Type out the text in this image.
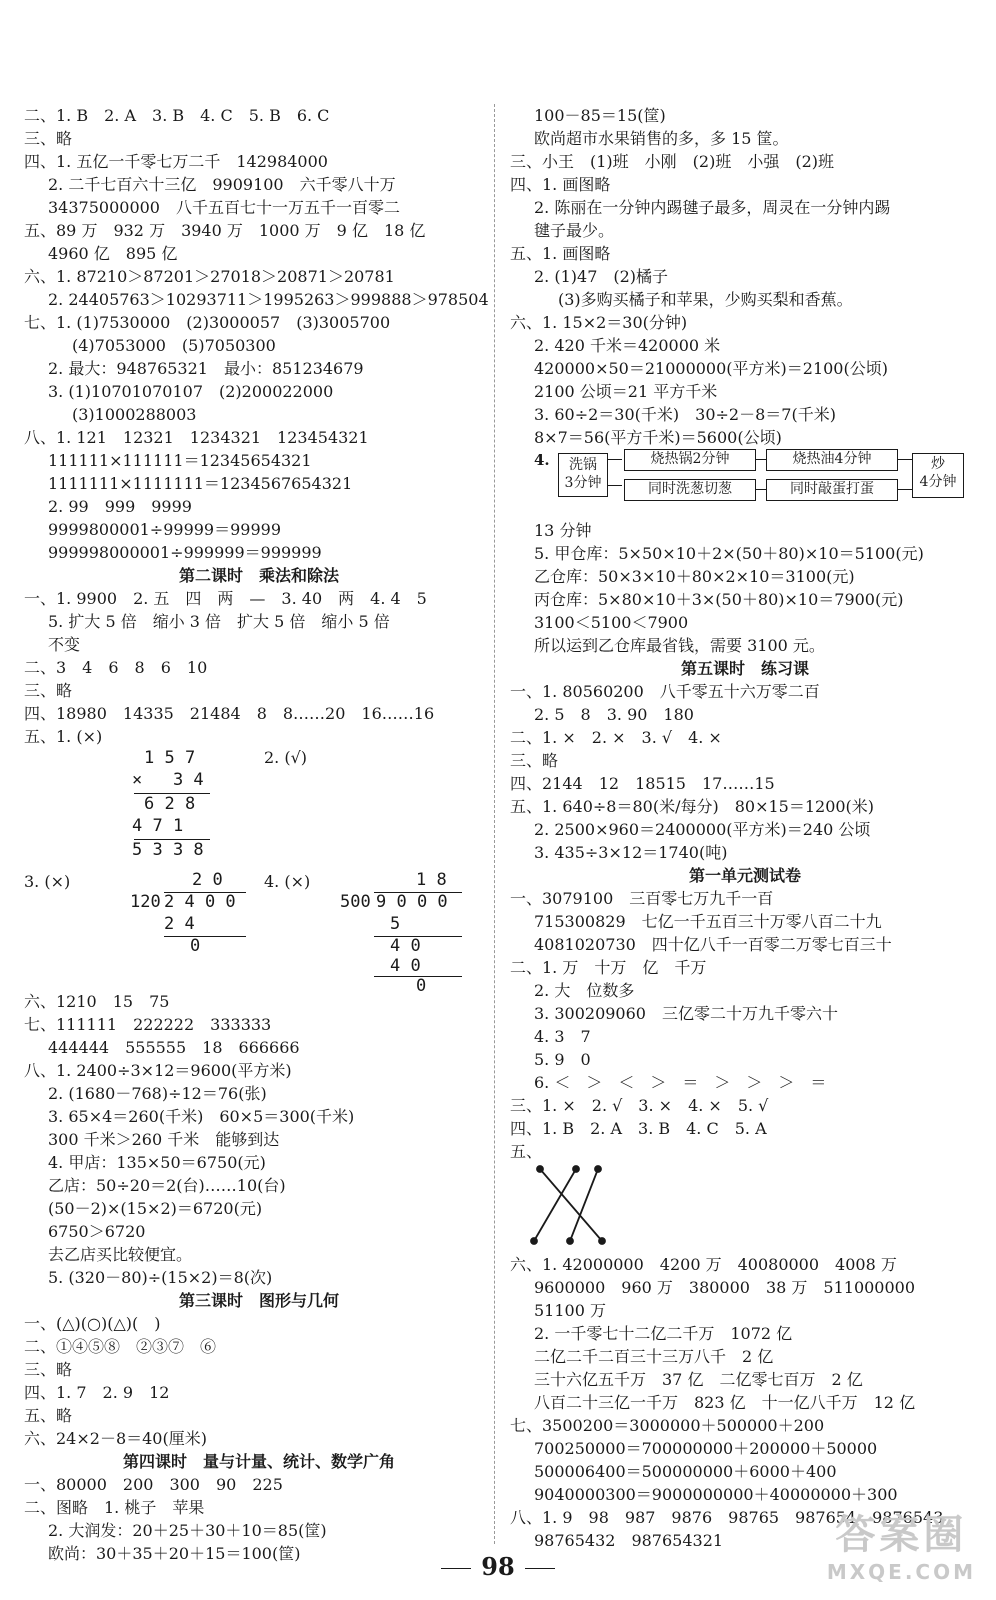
二、1. B　2. A　3. B　4. C　5. B　6. C
三、略
四、1. 五亿一千零七万二千　142984000
2. 二千七百六十三亿　9909100　六千零八十万
34375000000　八千五百七十一万五千一百零二
五、89 万　932 万　3940 万　1000 万　9 亿　18 亿
4960 亿　895 亿
六、1. 87210＞87201＞27018＞20871＞20781
2. 24405763＞10293711＞1995263＞999888＞978504
七、1. (1)7530000　(2)3000057　(3)3005700
(4)7053000　(5)7050300
2. 最大：948765321　最小：851234679
3. (1)10701070107　(2)200022000
(3)1000288003
八、1. 121　12321　1234321　123454321
111111×111111＝12345654321
1111111×1111111＝1234567654321
2. 99　999　9999
9999800001÷99999＝99999
999998000001÷999999＝999999
第二课时　乘法和除法
一、1. 9900　2. 五　四　两　—　3. 40　两　4. 4　5
5. 扩大 5 倍　缩小 3 倍　扩大 5 倍　缩小 5 倍
不变
二、3　4　6　8　6　10
三、略
四、18980　14335　21484　8　8……20　16……16
五、1. (×)
1 5 7
×   3 4
6 2 8
4 7 1
5 3 3 8
2. (√)
3. (×)	2 0
120 2 4 0 0
2 4
0
4. (×)	1 8
500 9 0 0 0
5
4 0
4 0
0
六、1210　15　75
七、111111　222222　333333
444444　555555　18　666666
八、1. 2400÷3×12＝9600(平方米)
2. (1680－768)÷12＝76(张)
3. 65×4＝260(千米)　60×5＝300(千米)
300 千米＞260 千米　能够到达
4. 甲店：135×50＝6750(元)
乙店：50÷20＝2(台)……10(台)
(50－2)×(15×2)＝6720(元)
6750＞6720
去乙店买比较便宜。
5. (320－80)÷(15×2)＝8(次)
第三课时　图形与几何
一、(△)(○)(△)(　)
二、①④⑤⑧　②③⑦　⑥
三、略
四、1. 7　2. 9　12
五、略
六、24×2－8＝40(厘米)
第四课时　量与计量、统计、数学广角
一、80000　200　300　90　225
二、图略　1. 桃子　苹果
2. 大润发：20＋25＋30＋10＝85(筐)
欧尚：30＋35＋20＋15＝100(筐)
100－85＝15(筐)
欧尚超市水果销售的多，多 15 筐。
三、小王　(1)班　小刚　(2)班　小强　(2)班
四、1. 画图略
2. 陈丽在一分钟内踢毽子最多，周灵在一分钟内踢
毽子最少。
五、1. 画图略
2. (1)47　(2)橘子
(3)多购买橘子和苹果，少购买梨和香蕉。
六、1. 15×2＝30(分钟)
2. 420 千米＝420000 米
420000×50＝21000000(平方米)＝2100(公顷)
2100 公顷＝21 平方千米
3. 60÷2＝30(千米)　30÷2－8＝7(千米)
8×7＝56(平方千米)＝5600(公顷)
4.	洗锅
3分钟
烧热锅2分钟	烧热油4分钟
同时洗葱切葱	同时敲蛋打蛋
炒
4分钟
13 分钟
5. 甲仓库：5×50×10＋2×(50＋80)×10＝5100(元)
乙仓库：50×3×10＋80×2×10＝3100(元)
丙仓库：5×80×10＋3×(50＋80)×10＝7900(元)
3100＜5100＜7900
所以运到乙仓库最省钱，需要 3100 元。
第五课时　练习课
一、1. 80560200　八千零五十六万零二百
2. 5　8　3. 90　180
二、1. ×　2. ×　3. √　4. ×
三、略
四、2144　12　18515　17……15
五、1. 640÷8＝80(米/每分)　80×15＝1200(米)
2. 2500×960＝2400000(平方米)＝240 公顷
3. 435÷3×12＝1740(吨)
第一单元测试卷
一、3079100　三百零七万九千一百
715300829　七亿一千五百三十万零八百二十九
4081020730　四十亿八千一百零二万零七百三十
二、1. 万　十万　亿　千万
2. 大　位数多
3. 300209060　三亿零二十万九千零六十
4. 3　7
5. 9　0
6. ＜　＞　＜　＞　＝　＞　＞　＞　＝
三、1. ×　2. √　3. ×　4. ×　5. √
四、1. B　2. A　3. B　4. C　5. A
五、
六、1. 42000000　4200 万　40080000　4008 万
9600000　960 万　380000　38 万　511000000
51100 万
2. 一千零七十二亿二千万　1072 亿
二亿二千二百三十三万八千　2 亿
三十六亿五千万　37 亿　二亿零七百万　2 亿
八百二十三亿一千万　823 亿　十一亿八千万　12 亿
七、3500200＝3000000＋500000＋200
700250000＝700000000＋200000＋50000
500006400＝500000000＋6000＋400
9040000300＝9000000000＋40000000＋300
八、1. 9　98　987　9876　98765　987654　9876543
98765432　987654321
98
答案圈
MXQE.COM
